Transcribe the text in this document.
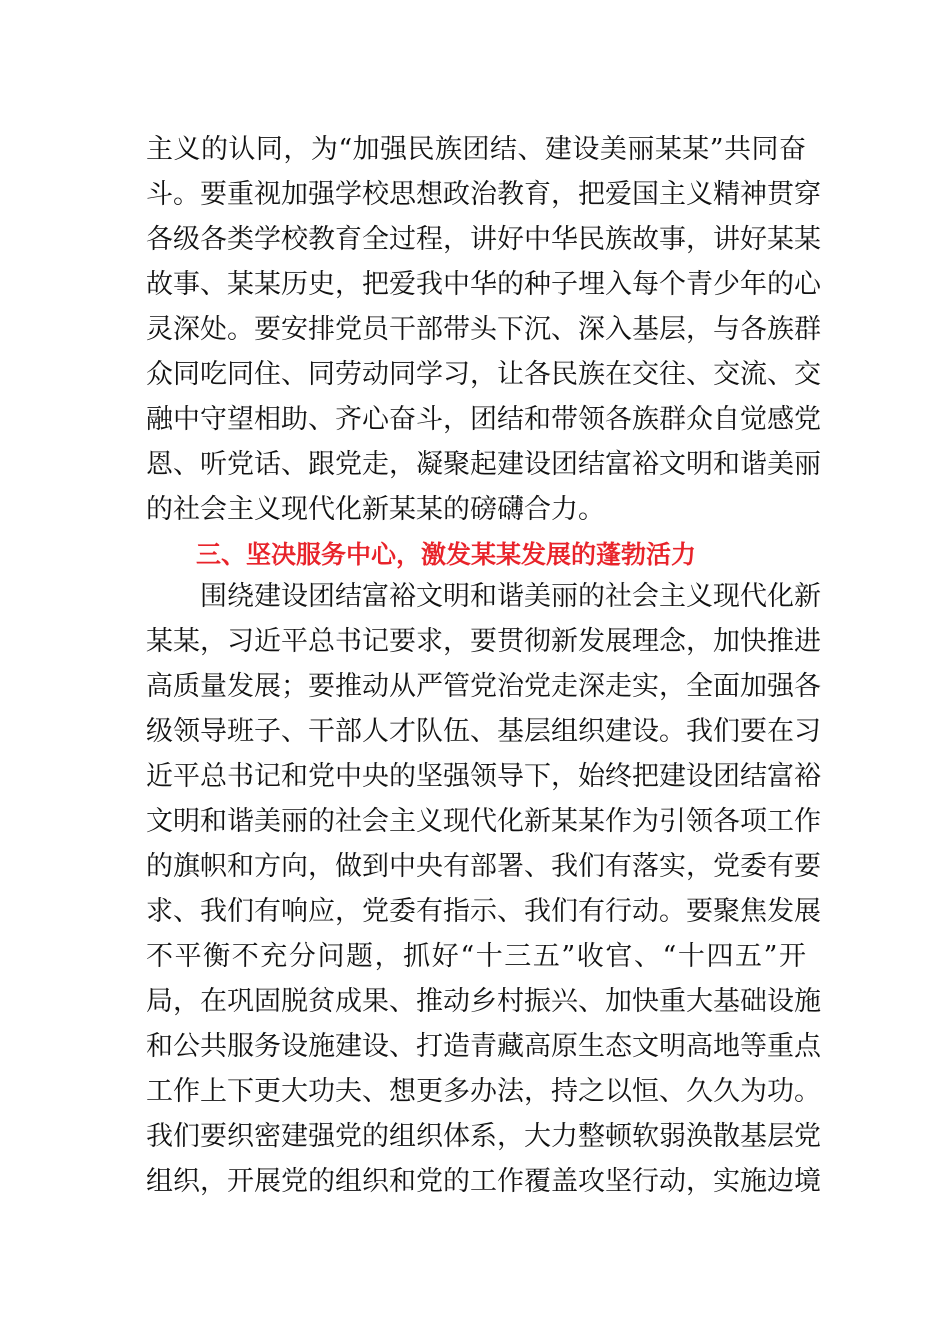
主义的认同，为“加强民族团结、建设美丽某某”共同奋
斗。要重视加强学校思想政治教育，把爱国主义精神贯穿
各级各类学校教育全过程，讲好中华民族故事，讲好某某
故事、某某历史，把爱我中华的种子埋入每个青少年的心
灵深处。要安排党员干部带头下沉、深入基层，与各族群
众同吃同住、同劳动同学习，让各民族在交往、交流、交
融中守望相助、齐心奋斗，团结和带领各族群众自觉感党
恩、听党话、跟党走，凝聚起建设团结富裕文明和谐美丽
的社会主义现代化新某某的磅礴合力。
三、坚决服务中心，激发某某发展的蓬勃活力
围绕建设团结富裕文明和谐美丽的社会主义现代化新
某某，习近平总书记要求，要贯彻新发展理念，加快推进
高质量发展；要推动从严管党治党走深走实，全面加强各
级领导班子、干部人才队伍、基层组织建设。我们要在习
近平总书记和党中央的坚强领导下，始终把建设团结富裕
文明和谐美丽的社会主义现代化新某某作为引领各项工作
的旗帜和方向，做到中央有部署、我们有落实，党委有要
求、我们有响应，党委有指示、我们有行动。要聚焦发展
不平衡不充分问题，抓好“十三五”收官、“十四五”开
局，在巩固脱贫成果、推动乡村振兴、加快重大基础设施
和公共服务设施建设、打造青藏高原生态文明高地等重点
工作上下更大功夫、想更多办法，持之以恒、久久为功。
我们要织密建强党的组织体系，大力整顿软弱涣散基层党
组织，开展党的组织和党的工作覆盖攻坚行动，实施边境
